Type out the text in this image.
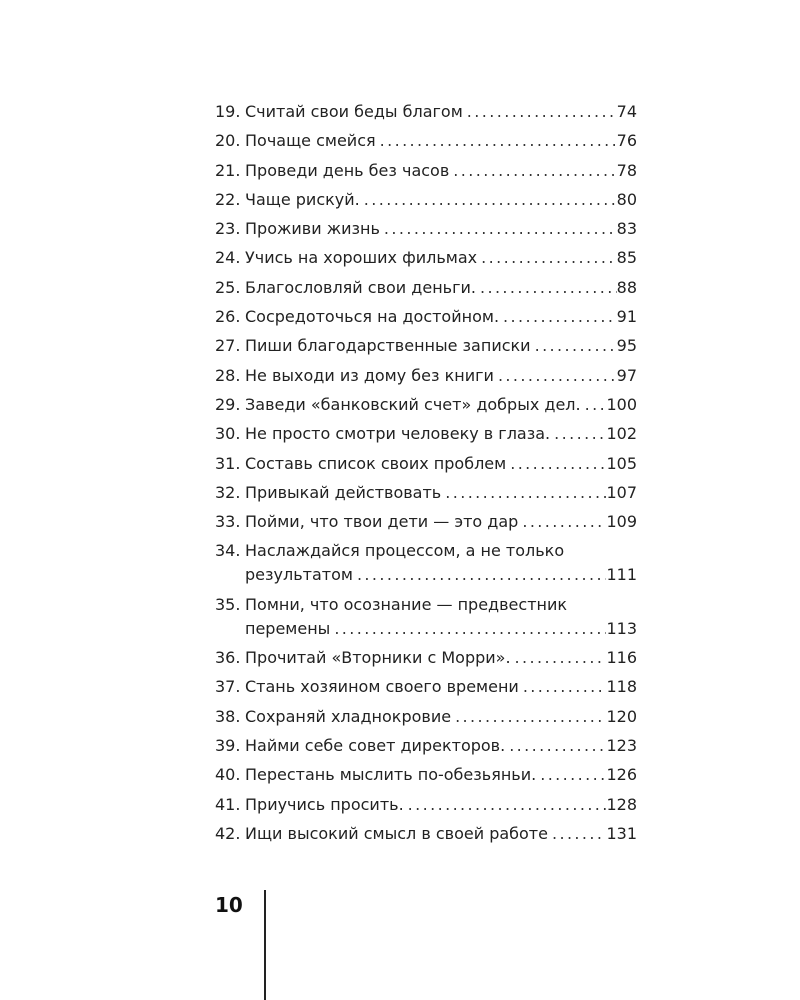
19. Считай свои беды благом .....	74
20. Почаще смейся .....	76
21. Проведи день без часов .....	78
22. Чаще рискуй. .....	80
23. Проживи жизнь .....	83
24. Учись на хороших фильмах .....	85
25. Благословляй свои деньги. .....	88
26. Сосредоточься на достойном. .....	91
27. Пиши благодарственные записки .....	95
28. Не выходи из дому без книги .....	97
29. Заведи «банковский счет» добрых дел. ..... 100
30. Не просто смотри человеку в глаза. .....	102
31. Составь список своих проблем .....	105
32. Привыкай действовать .....	107
33. Пойми, что твои дети — это дар .....	109
34. Наслаждайся процессом, а не только
результатом .....	111
35. Помни, что осознание — предвестник
перемены .....	113
36. Прочитай «Вторники с Морри». .....	116
37. Стань хозяином своего времени .....	118
38. Сохраняй хладнокровие .....	120
39. Найми себе совет директоров. .....	123
40. Перестань мыслить по-обезьяньи. .....	126
41. Приучись просить. .....	128
42. Ищи высокий смысл в своей работе .....	131
10
